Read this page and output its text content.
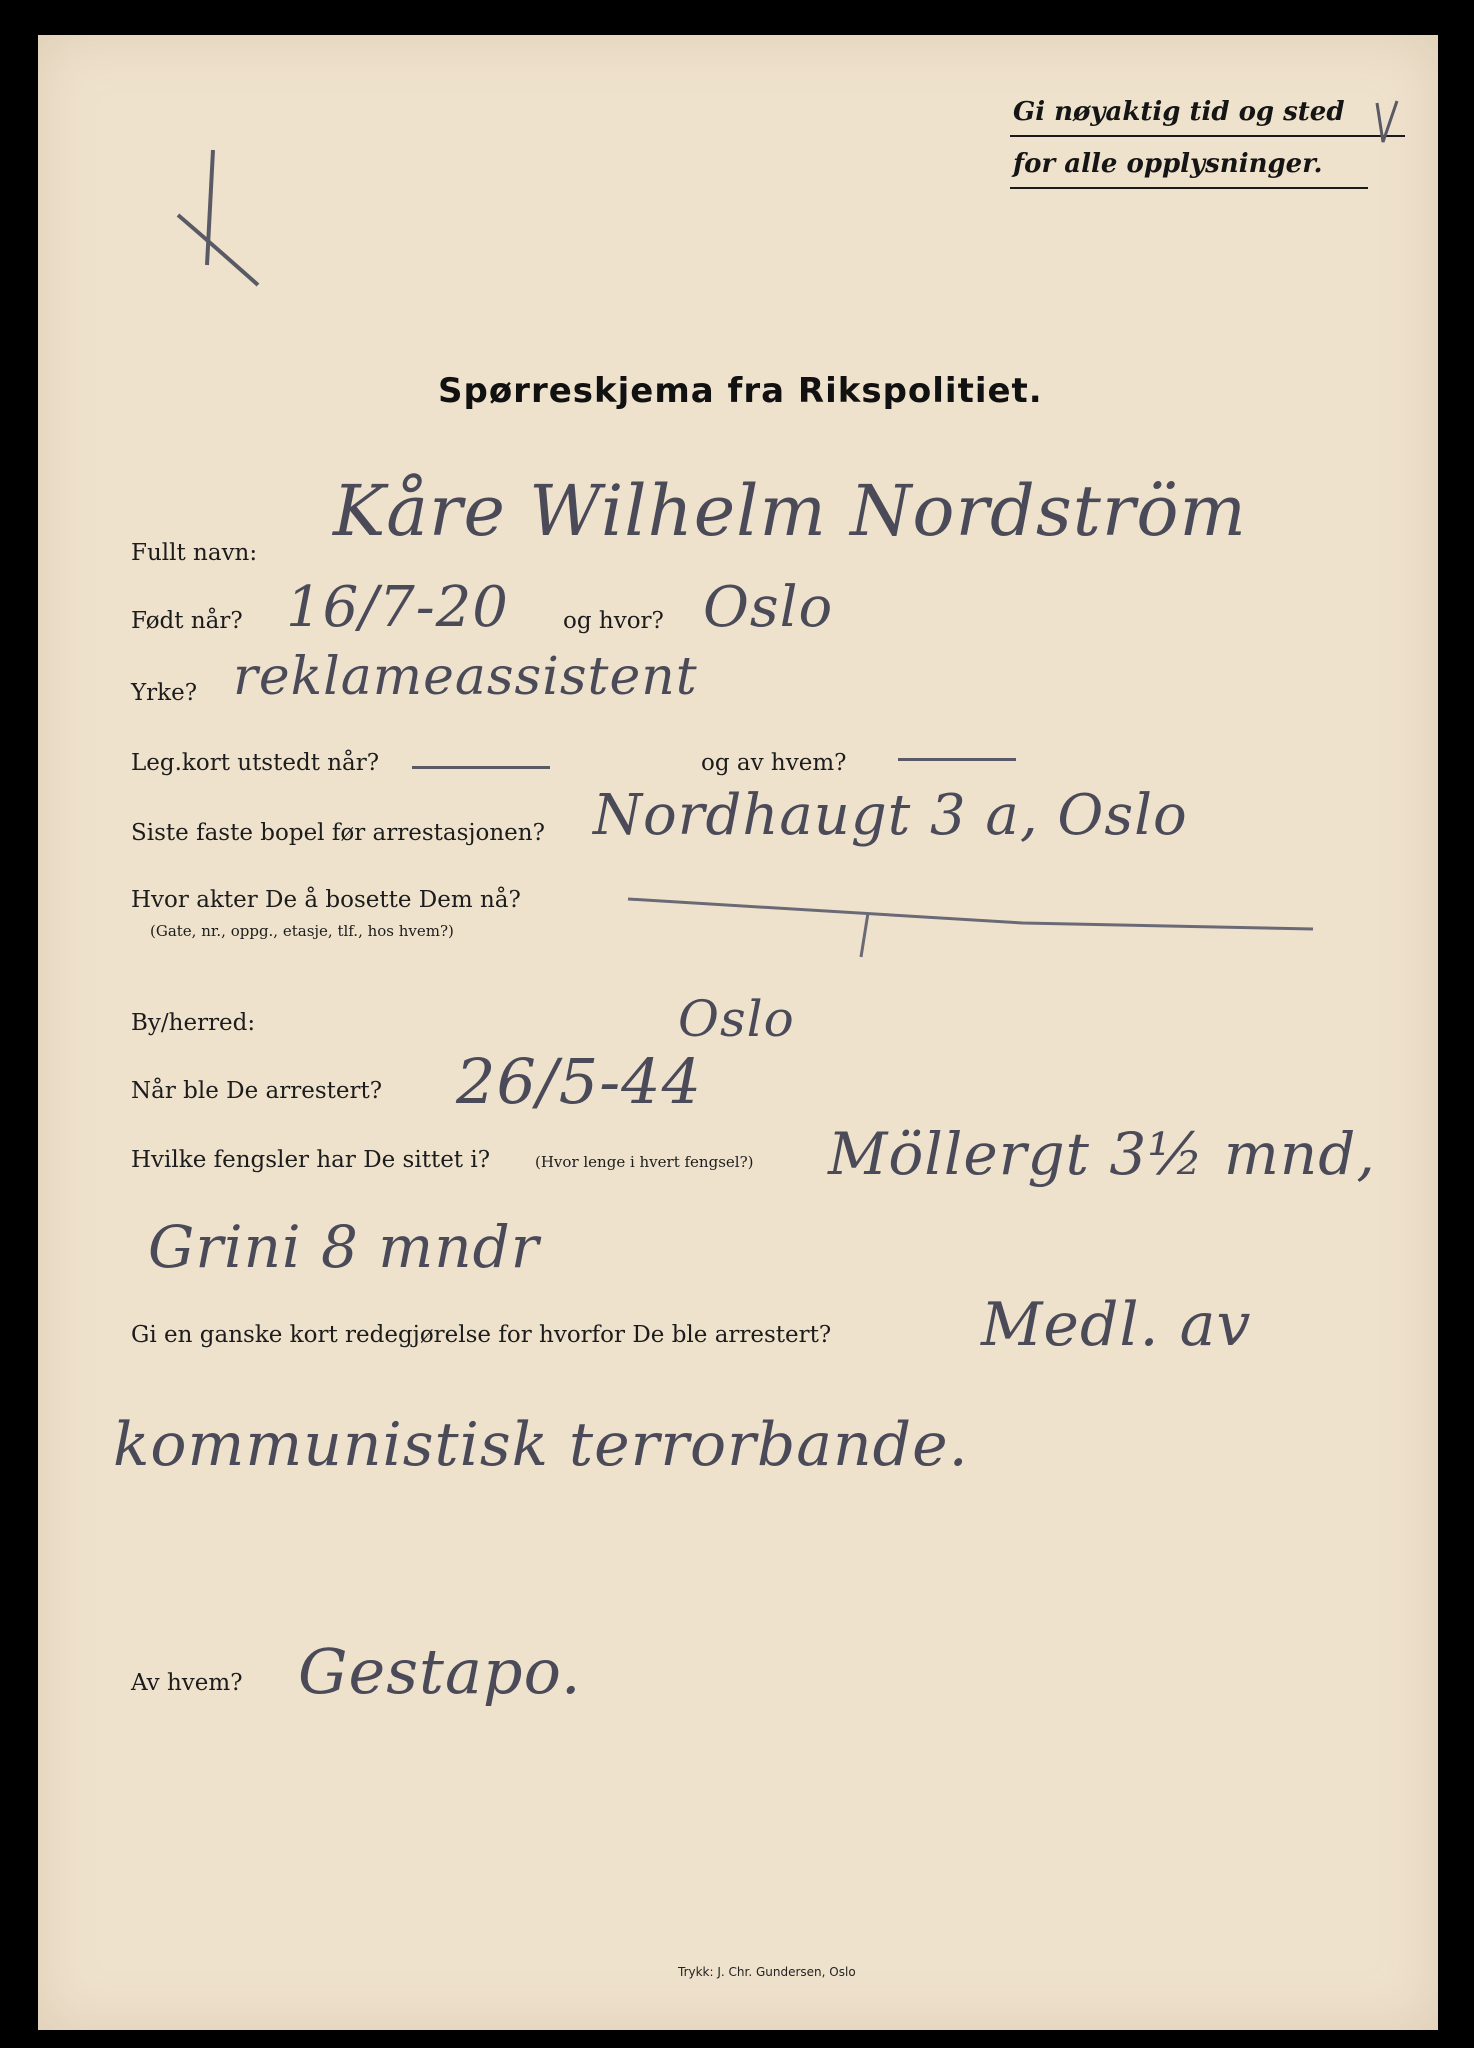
Gi nøyaktig tid og sted
for alle opplysninger.
Spørreskjema fra Rikspolitiet.
Fullt navn:
Kåre Wilhelm Nordström
Født når? 16/7-20 og hvor? Oslo
Yrke? reklameassistent
Leg.kort utstedt når?	og av hvem?
Siste faste bopel før arrestasjonen? Nordhaugt 3 a, Oslo
Hvor akter De å bosette Dem nå?
(Gate, nr., oppg., etasje, tlf., hos hvem?)
By/herred:	Oslo
Når ble De arrestert? 26/5-44
Hvilke fengsler har De sittet i?	(Hvor lenge i hvert fengsel?) Möllergt 3½ mnd,
Grini 8 mndr
Gi en ganske kort redegjørelse for hvorfor De ble arrestert? Medl. av
kommunistisk terrorbande.
Av hvem? Gestapo.
Trykk: J. Chr. Gundersen, Oslo
